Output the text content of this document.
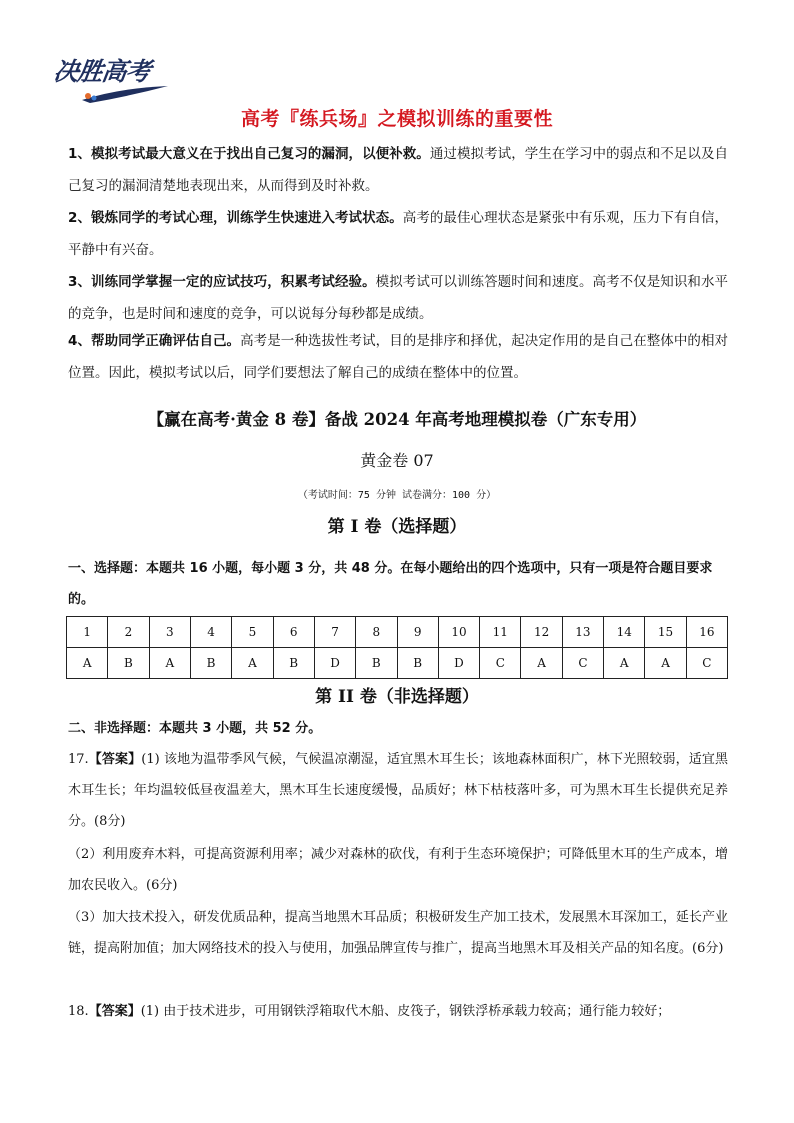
决胜高考
高考『练兵场』之模拟训练的重要性
1、模拟考试最大意义在于找出自己复习的漏洞，以便补救。通过模拟考试，学生在学习中的弱点和不足以及自己复习的漏洞清楚地表现出来，从而得到及时补救。
2、锻炼同学的考试心理，训练学生快速进入考试状态。高考的最佳心理状态是紧张中有乐观，压力下有自信，平静中有兴奋。
3、训练同学掌握一定的应试技巧，积累考试经验。模拟考试可以训练答题时间和速度。高考不仅是知识和水平的竞争，也是时间和速度的竞争，可以说每分每秒都是成绩。
4、帮助同学正确评估自己。高考是一种选拔性考试，目的是排序和择优，起决定作用的是自己在整体中的相对位置。因此，模拟考试以后，同学们要想法了解自己的成绩在整体中的位置。
【赢在高考·黄金 8 卷】备战 2024 年高考地理模拟卷（广东专用）
黄金卷 07
（考试时间：75 分钟 试卷满分：100 分）
第 I 卷（选择题）
一、选择题：本题共 16 小题，每小题 3 分，共 48 分。在每小题给出的四个选项中，只有一项是符合题目要求的。
1	2	3	4	5	6	7	8	9	10	11	12	13	14	15	16
A	B	A	B	A	B	D	B	B	D	C	A	C	A	A	C
第 II 卷（非选择题）
二、非选择题：本题共 3 小题，共 52 分。
17.【答案】(1) 该地为温带季风气候，气候温凉潮湿，适宜黑木耳生长；该地森林面积广，林下光照较弱，适宜黑木耳生长；年均温较低昼夜温差大，黑木耳生长速度缓慢，品质好；林下枯枝落叶多，可为黑木耳生长提供充足养分。(8分)
（2）利用废弃木料，可提高资源利用率；减少对森林的砍伐，有利于生态环境保护；可降低里木耳的生产成本，增加农民收入。(6分)
（3）加大技术投入，研发优质品种，提高当地黑木耳品质；积极研发生产加工技术，发展黑木耳深加工，延长产业链，提高附加值；加大网络技术的投入与使用，加强品牌宣传与推广，提高当地黑木耳及相关产品的知名度。(6分)
18.【答案】(1) 由于技术进步，可用钢铁浮箱取代木船、皮筏子，钢铁浮桥承载力较高；通行能力较好；
